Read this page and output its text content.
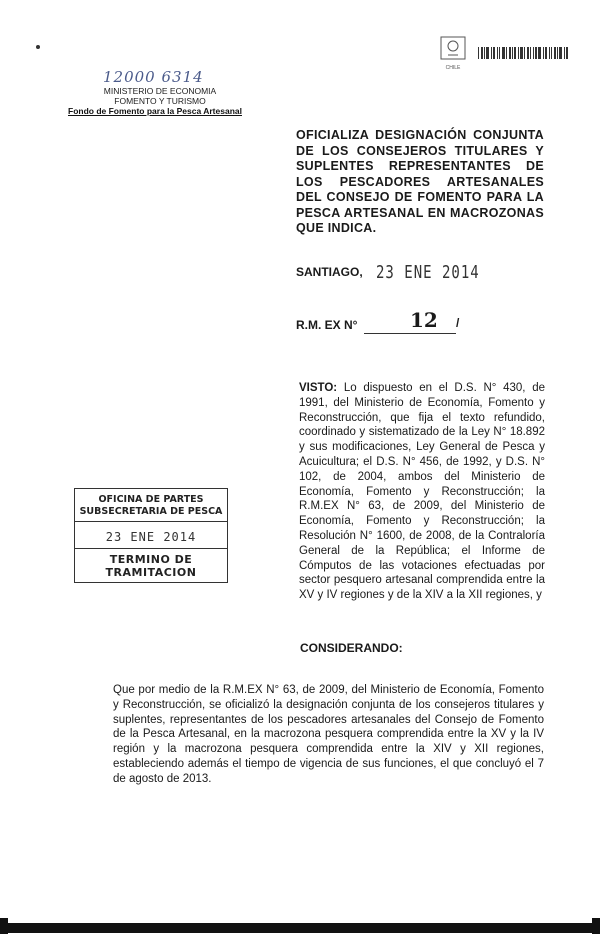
12000 6314
MINISTERIO DE ECONOMIA
FOMENTO Y TURISMO
Fondo de Fomento para la Pesca Artesanal
CHILE
OFICIALIZA DESIGNACIÓN CONJUNTA DE LOS CONSEJEROS TITULARES Y SUPLENTES REPRESENTANTES DE LOS PESCADORES ARTESANALES DEL CONSEJO DE FOMENTO PARA LA PESCA ARTESANAL EN MACROZONAS QUE INDICA.
SANTIAGO, 23 ENE 2014
R.M. EX N°	12 /
VISTO: Lo dispuesto en el D.S. N° 430, de 1991, del Ministerio de Economía, Fomento y Reconstrucción, que fija el texto refundido, coordinado y sistematizado de la Ley N° 18.892 y sus modificaciones, Ley General de Pesca y Acuicultura; el D.S. N° 456, de 1992, y D.S. N° 102, de 2004, ambos del Ministerio de Economía, Fomento y Reconstrucción; la R.M.EX N° 63, de 2009, del Ministerio de Economía, Fomento y Reconstrucción; la Resolución N° 1600, de 2008, de la Contraloría General de la República; el Informe de Cómputos de las votaciones efectuadas por sector pesquero artesanal comprendida entre la XV y IV regiones y de la XIV a la XII regiones, y
OFICINA DE PARTES
SUBSECRETARIA DE PESCA
23 ENE 2014
TERMINO DE TRAMITACION
CONSIDERANDO:
Que por medio de la R.M.EX N° 63, de 2009, del Ministerio de Economía, Fomento y Reconstrucción, se oficializó la designación conjunta de los consejeros titulares y suplentes, representantes de los pescadores artesanales del Consejo de Fomento de la Pesca Artesanal, en la macrozona pesquera comprendida entre la XV y la IV región y la macrozona pesquera comprendida entre la XIV y XII regiones, estableciendo además el tiempo de vigencia de sus funciones, el que concluyó el 7 de agosto de 2013.
